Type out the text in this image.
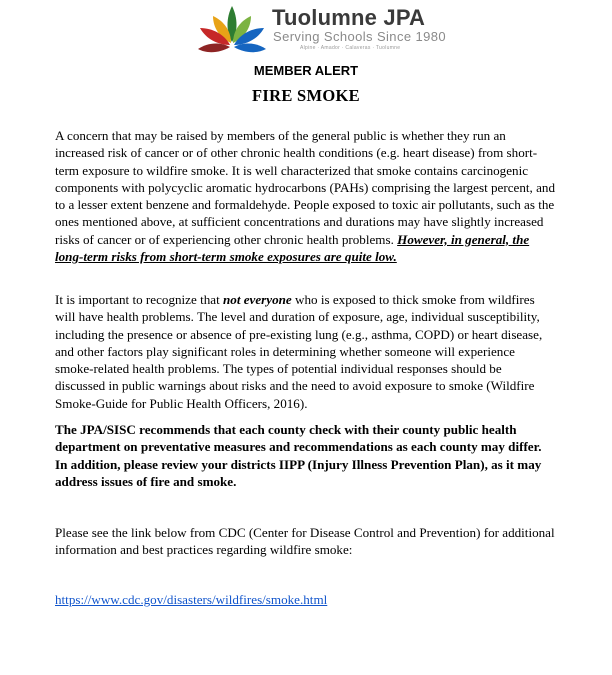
Tuolumne JPA
Serving Schools Since 1980
Alpine · Amador · Calaveras · Tuolumne
MEMBER ALERT
FIRE SMOKE

A concern that may be raised by members of the general public is whether they run an increased risk of cancer or of other chronic health conditions (e.g. heart disease) from short-term exposure to wildfire smoke. It is well characterized that smoke contains carcinogenic components with polycyclic aromatic hydrocarbons (PAHs) comprising the largest percent, and to a lesser extent benzene and formaldehyde. People exposed to toxic air pollutants, such as the ones mentioned above, at sufficient concentrations and durations may have slightly increased risks of cancer or of experiencing other chronic health problems. However, in general, the long-term risks from short-term smoke exposures are quite low.

It is important to recognize that not everyone who is exposed to thick smoke from wildfires will have health problems. The level and duration of exposure, age, individual susceptibility, including the presence or absence of pre-existing lung (e.g., asthma, COPD) or heart disease, and other factors play significant roles in determining whether someone will experience smoke-related health problems. The types of potential individual responses should be discussed in public warnings about risks and the need to avoid exposure to smoke (Wildfire Smoke-Guide for Public Health Officers, 2016).

The JPA/SISC recommends that each county check with their county public health department on preventative measures and recommendations as each county may differ. In addition, please review your districts IIPP (Injury Illness Prevention Plan), as it may address issues of fire and smoke.

Please see the link below from CDC (Center for Disease Control and Prevention) for additional information and best practices regarding wildfire smoke:

https://www.cdc.gov/disasters/wildfires/smoke.html
